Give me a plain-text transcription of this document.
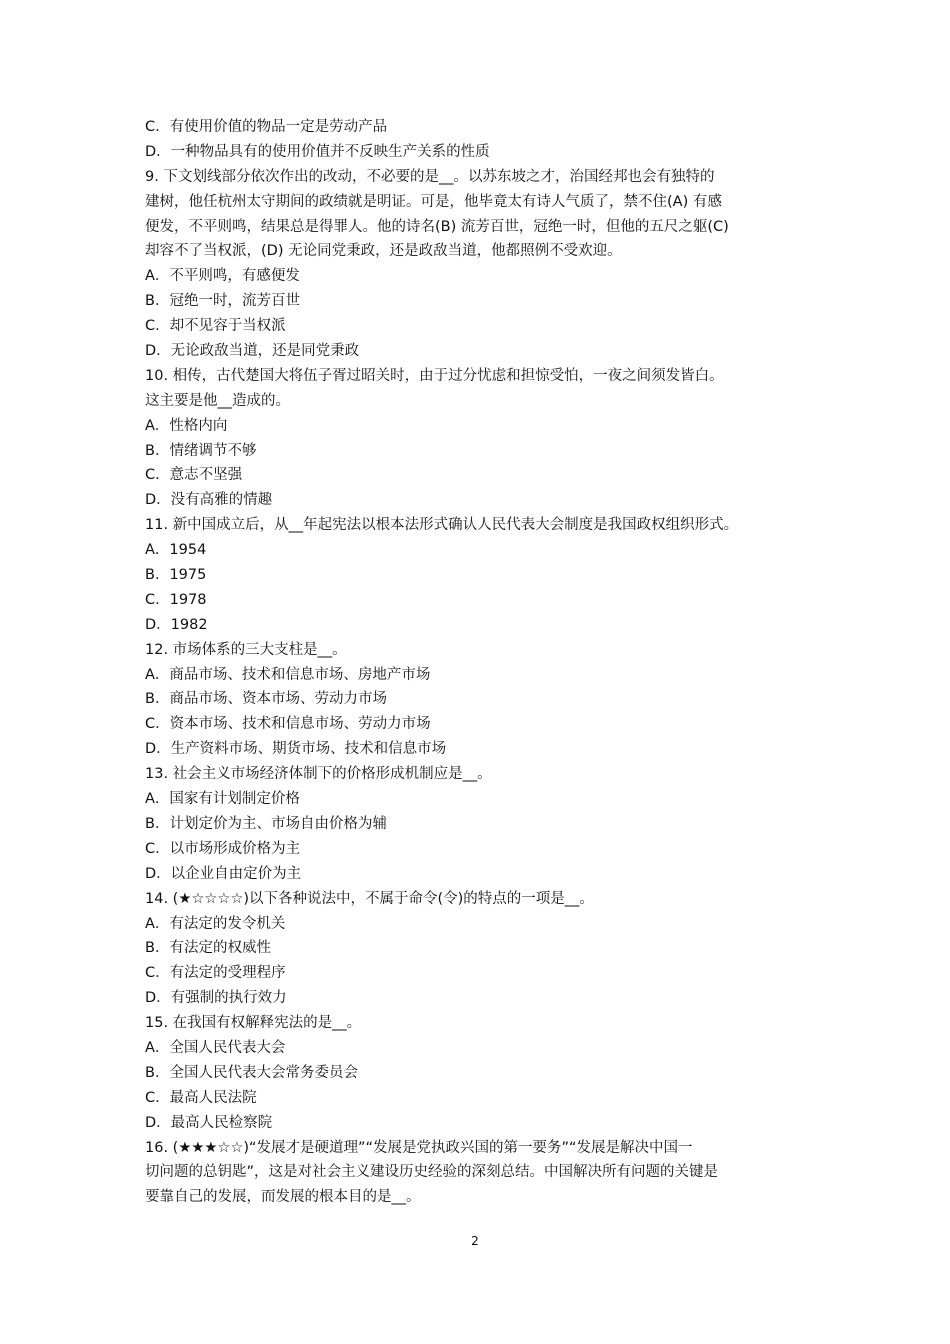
C．有使用价值的物品一定是劳动产品
D．一种物品具有的使用价值并不反映生产关系的性质
9. 下文划线部分依次作出的改动，不必要的是__。以苏东坡之才，治国经邦也会有独特的
建树，他任杭州太守期间的政绩就是明证。可是，他毕竟太有诗人气质了，禁不住(A) 有感
便发，不平则鸣，结果总是得罪人。他的诗名(B) 流芳百世，冠绝一时，但他的五尺之躯(C)
却容不了当权派，(D) 无论同党秉政，还是政敌当道，他都照例不受欢迎。
A．不平则鸣，有感便发
B．冠绝一时，流芳百世
C．却不见容于当权派
D．无论政敌当道，还是同党秉政
10. 相传，古代楚国大将伍子胥过昭关时，由于过分忧虑和担惊受怕，一夜之间须发皆白。
这主要是他__造成的。
A．性格内向
B．情绪调节不够
C．意志不坚强
D．没有高雅的情趣
11. 新中国成立后，从__年起宪法以根本法形式确认人民代表大会制度是我国政权组织形式。
A．1954
B．1975
C．1978
D．1982
12. 市场体系的三大支柱是__。
A．商品市场、技术和信息市场、房地产市场
B．商品市场、资本市场、劳动力市场
C．资本市场、技术和信息市场、劳动力市场
D．生产资料市场、期货市场、技术和信息市场
13. 社会主义市场经济体制下的价格形成机制应是__。
A．国家有计划制定价格
B．计划定价为主、市场自由价格为辅
C．以市场形成价格为主
D．以企业自由定价为主
14. (★☆☆☆☆)以下各种说法中，不属于命令(令)的特点的一项是__。
A．有法定的发令机关
B．有法定的权威性
C．有法定的受理程序
D．有强制的执行效力
15. 在我国有权解释宪法的是__。
A．全国人民代表大会
B．全国人民代表大会常务委员会
C．最高人民法院
D．最高人民检察院
16. (★★★☆☆)“发展才是硬道理”“发展是党执政兴国的第一要务”“发展是解决中国一
切问题的总钥匙”，这是对社会主义建设历史经验的深刻总结。中国解决所有问题的关键是
要靠自己的发展，而发展的根本目的是__。
2
